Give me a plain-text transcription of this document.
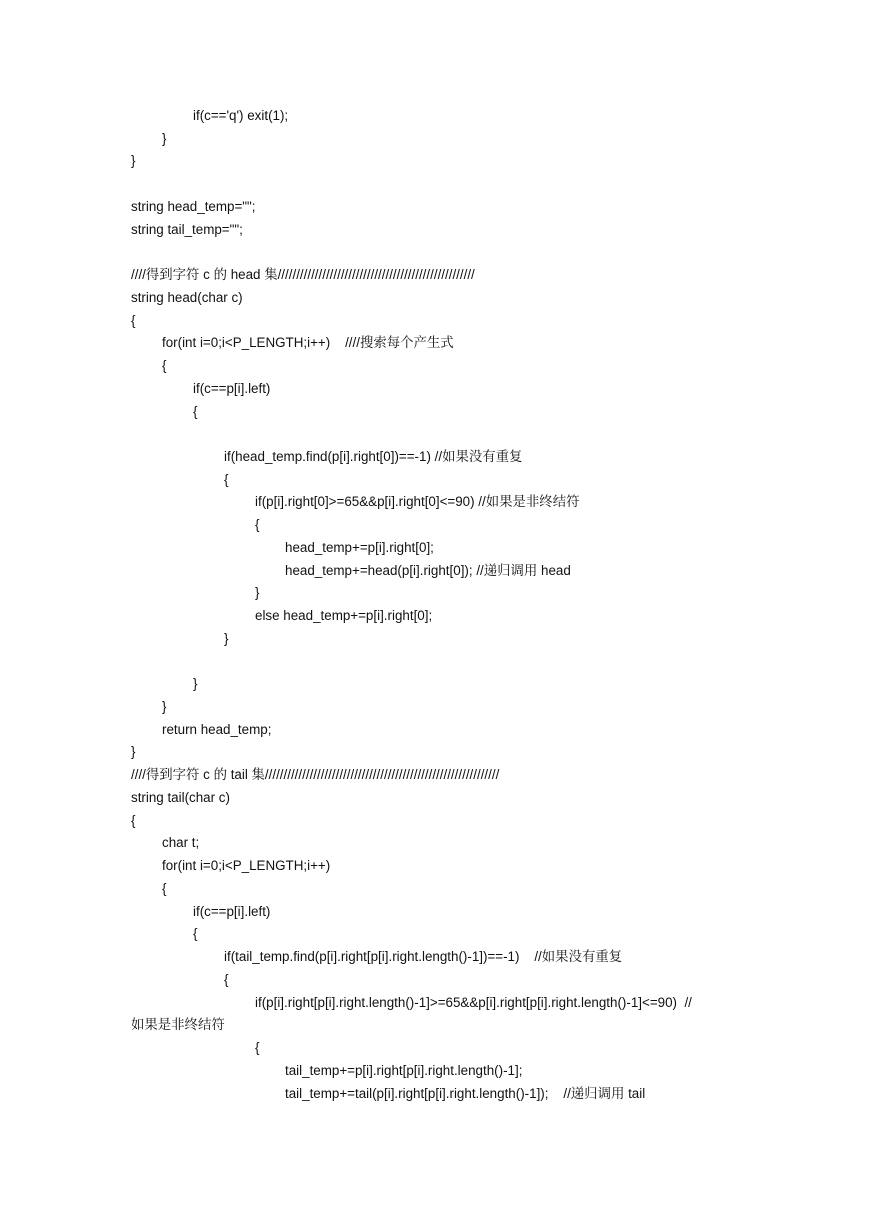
if(c=='q') exit(1);
}
}
string head_temp="";
string tail_temp="";
////得到字符 c 的 head 集/////////////////////////////////////////////////////
string head(char c)
{
for(int i=0;i<P_LENGTH;i++)    ////搜索每个产生式
{
if(c==p[i].left)
{
if(head_temp.find(p[i].right[0])==-1) //如果没有重复
{
if(p[i].right[0]>=65&&p[i].right[0]<=90) //如果是非终结符
{
head_temp+=p[i].right[0];
head_temp+=head(p[i].right[0]); //递归调用 head
}
else head_temp+=p[i].right[0];
}
}
}
return head_temp;
}
////得到字符 c 的 tail 集///////////////////////////////////////////////////////////////
string tail(char c)
{
char t;
for(int i=0;i<P_LENGTH;i++)
{
if(c==p[i].left)
{
if(tail_temp.find(p[i].right[p[i].right.length()-1])==-1)    //如果没有重复
{
if(p[i].right[p[i].right.length()-1]>=65&&p[i].right[p[i].right.length()-1]<=90)  //
如果是非终结符
{
tail_temp+=p[i].right[p[i].right.length()-1];
tail_temp+=tail(p[i].right[p[i].right.length()-1]);    //递归调用 tail
